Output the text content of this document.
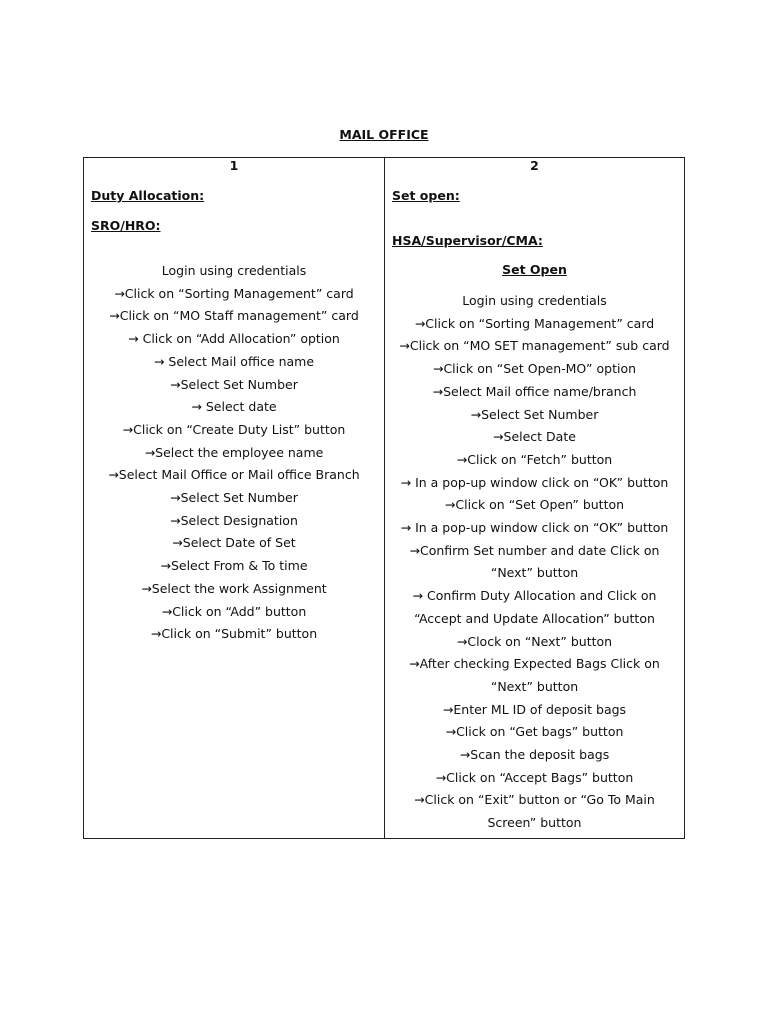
MAIL OFFICE
1
Duty Allocation:
SRO/HRO:
Login using credentials
→Click on “Sorting Management” card
→Click on “MO Staff management” card
→ Click on “Add Allocation” option
→ Select Mail office name
→Select Set Number
→ Select date
→Click on “Create Duty List” button
→Select the employee name
→Select Mail Office or Mail office Branch
→Select Set Number
→Select Designation
→Select Date of Set
→Select From & To time
→Select the work Assignment
→Click on “Add” button
→Click on “Submit” button
2
Set open:
HSA/Supervisor/CMA:
Set Open
Login using credentials
→Click on “Sorting Management” card
→Click on “MO SET management” sub card
→Click on “Set Open-MO” option
→Select Mail office name/branch
→Select Set Number
→Select Date
→Click on “Fetch” button
→ In a pop-up window click on “OK” button
→Click on “Set Open” button
→ In a pop-up window click on “OK” button
→Confirm Set number and date Click on “Next” button
→ Confirm Duty Allocation and Click on “Accept and Update Allocation” button
→Clock on “Next” button
→After checking Expected Bags Click on “Next” button
→Enter ML ID of deposit bags
→Click on “Get bags” button
→Scan the deposit bags
→Click on “Accept Bags” button
→Click on “Exit” button or “Go To Main Screen” button
